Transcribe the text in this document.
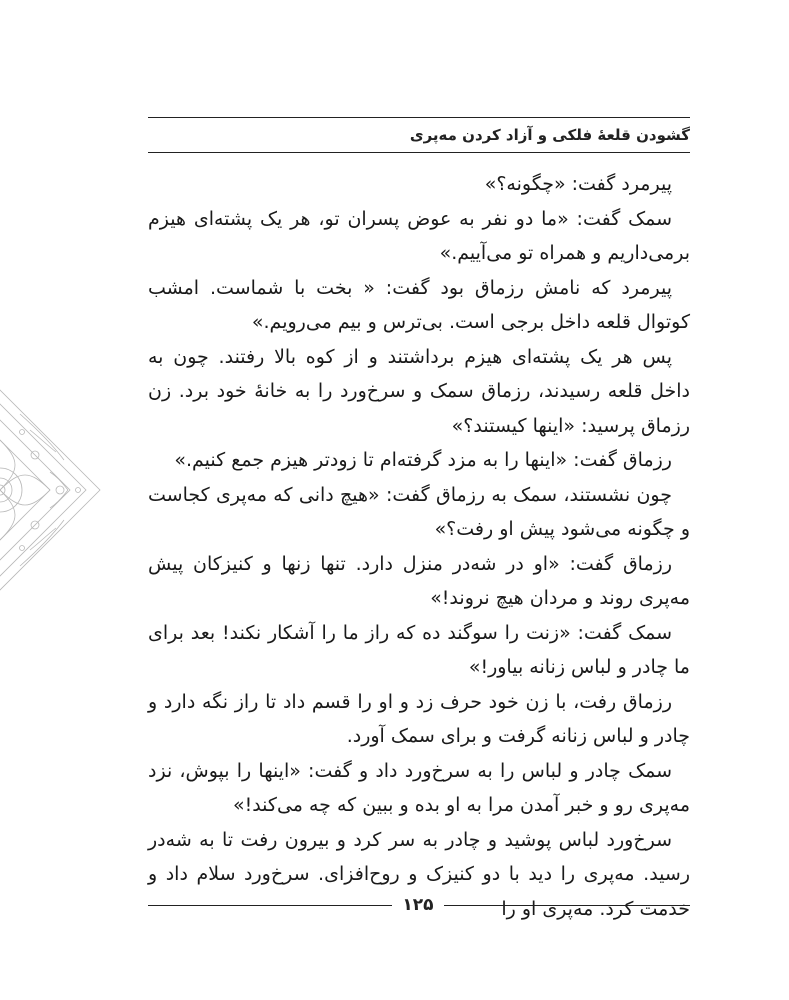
گشودن قلعهٔ فلکی و آزاد کردن مه‌پری

پیرمرد گفت: «چگونه؟»

سمک گفت: «ما دو نفر به عوض پسران تو، هر یک پشته‌ای هیزم برمی‌داریم و همراه تو می‌آییم.»

پیرمرد که نامش رزماق بود گفت: « بخت با شماست. امشب کوتوال قلعه داخل برجی است. بی‌ترس و بیم می‌رویم.»

پس هر یک پشته‌ای هیزم برداشتند و از کوه بالا رفتند. چون به داخل قلعه رسیدند، رزماق سمک و سرخ‌ورد را به خانهٔ خود برد. زن رزماق پرسید: «اینها کیستند؟»

رزماق گفت: «اینها را به مزد گرفته‌ام تا زودتر هیزم جمع کنیم.»

چون نشستند، سمک به رزماق گفت: «هیچ دانی که مه‌پری کجاست و چگونه می‌شود پیش او رفت؟»

رزماق گفت: «او در شه‌در منزل دارد. تنها زنها و کنیزکان پیش مه‌پری روند و مردان هیچ نروند!»

سمک گفت: «زنت را سوگند ده که راز ما را آشکار نکند! بعد برای ما چادر و لباس زنانه بیاور!»

رزماق رفت، با زن خود حرف زد و او را قسم داد تا راز نگه دارد و چادر و لباس زنانه گرفت و برای سمک آورد.

سمک چادر و لباس را به سرخ‌ورد داد و گفت: «اینها را بپوش، نزد مه‌پری رو و خبر آمدن مرا به او بده و ببین که چه می‌کند!»

سرخ‌ورد لباس پوشید و چادر به سر کرد و بیرون رفت تا به شه‌در رسید. مه‌پری را دید با دو کنیزک و روح‌افزای. سرخ‌ورد سلام داد و خدمت کرد. مه‌پری او را

۱۲۵
